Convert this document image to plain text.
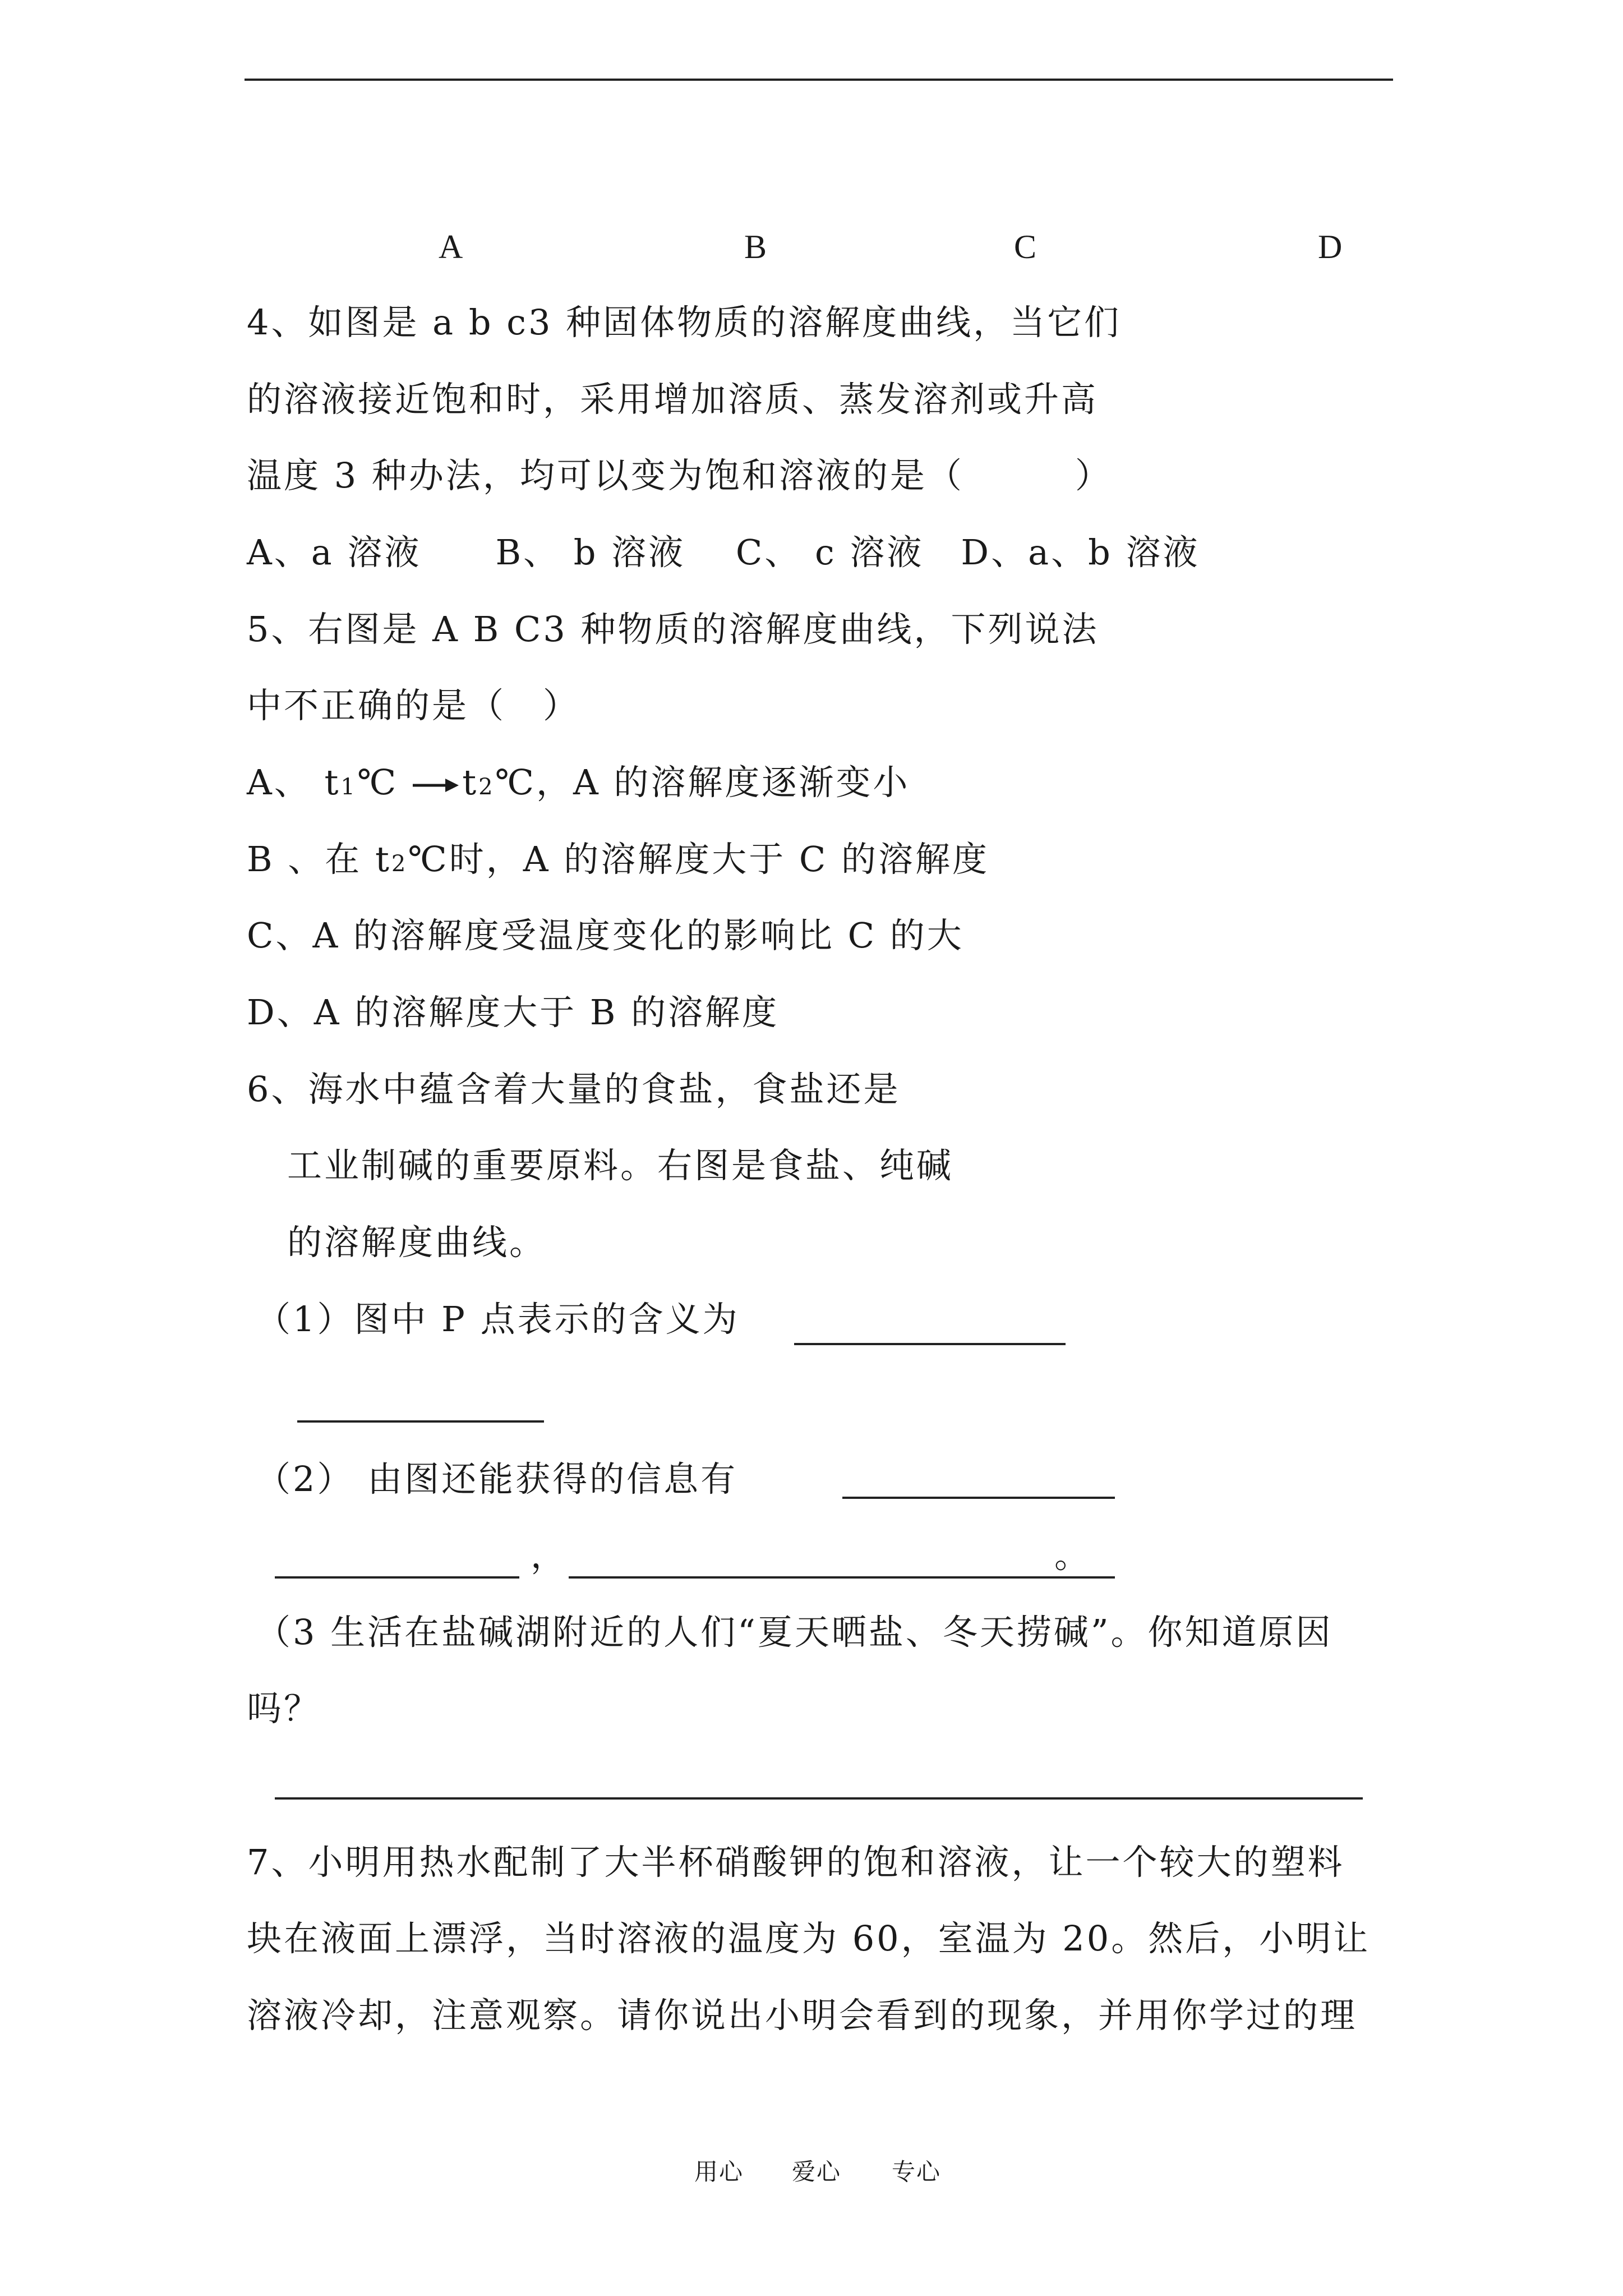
A	B	C	D
4、如图是 a b c3 种固体物质的溶解度曲线，当它们
的溶液接近饱和时，采用增加溶质、蒸发溶剂或升高
温度 3 种办法，均可以变为饱和溶液的是（　　　）
A、a 溶液　　B、 b 溶液　 C、 c 溶液　D、a、b 溶液
5、右图是 A B C3 种物质的溶解度曲线，下列说法
中不正确的是（　）
A、 t1℃ t2℃，A 的溶解度逐渐变小
B 、在 t2℃时，A 的溶解度大于 C 的溶解度
C、A 的溶解度受温度变化的影响比 C 的大
D、A 的溶解度大于 B 的溶解度
6、海水中蕴含着大量的食盐，食盐还是
工业制碱的重要原料。右图是食盐、纯碱
的溶解度曲线。
（1）图中 P 点表示的含义为
（2） 由图还能获得的信息有
，	。
（3 生活在盐碱湖附近的人们“夏天晒盐、冬天捞碱”。你知道原因
吗？
7、小明用热水配制了大半杯硝酸钾的饱和溶液，让一个较大的塑料
块在液面上漂浮，当时溶液的温度为 60，室温为 20。然后，小明让
溶液冷却，注意观察。请你说出小明会看到的现象，并用你学过的理
用心 爱心 专心
